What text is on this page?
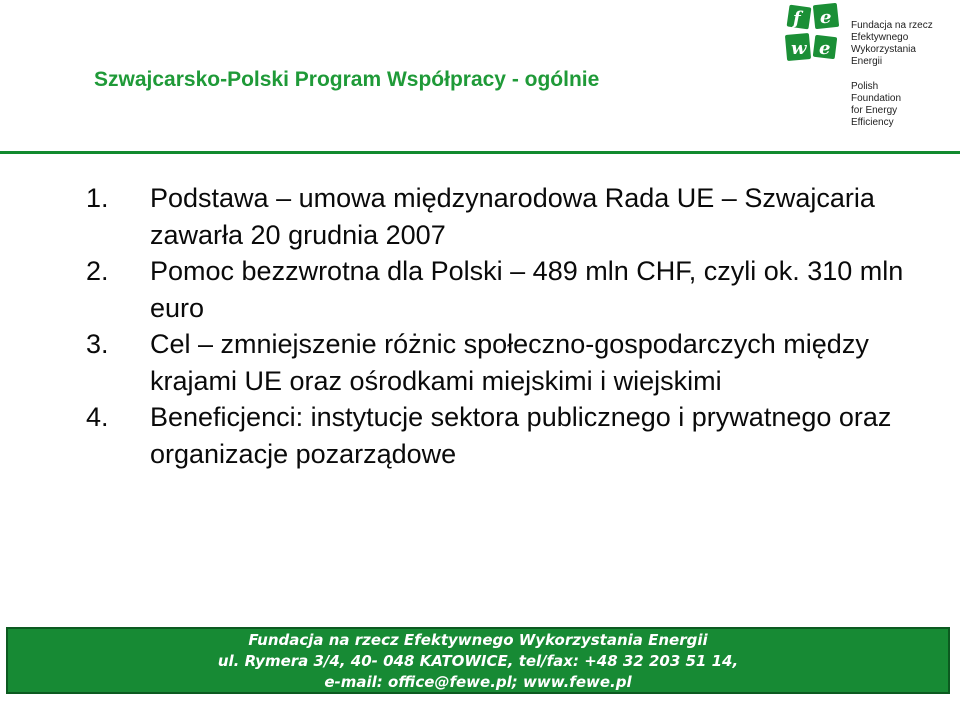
Szwajcarsko-Polski Program Współpracy - ogólnie
f e
w e
Fundacja na rzecz
Efektywnego
Wykorzystania
Energii
Polish
Foundation
for Energy
Efficiency
1.	Podstawa – umowa międzynarodowa Rada UE – Szwajcaria zawarła 20 grudnia 2007
2.	Pomoc bezzwrotna dla Polski – 489 mln CHF, czyli ok. 310 mln euro
3.	Cel – zmniejszenie różnic społeczno-gospodarczych między krajami UE oraz ośrodkami miejskimi i wiejskimi
4.	Beneficjenci: instytucje sektora publicznego i prywatnego oraz organizacje pozarządowe
Fundacja na rzecz Efektywnego Wykorzystania Energii
ul. Rymera 3/4, 40- 048 KATOWICE, tel/fax: +48 32 203 51 14,
e-mail: office@fewe.pl; www.fewe.pl
